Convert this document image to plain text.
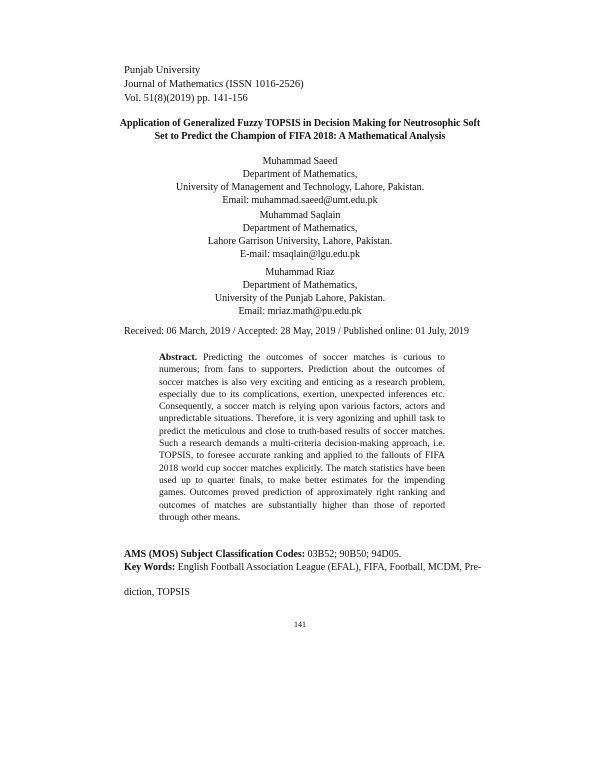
Punjab University
Journal of Mathematics (ISSN 1016-2526)
Vol. 51(8)(2019) pp. 141-156
Application of Generalized Fuzzy TOPSIS in Decision Making for Neutrosophic Soft
Set to Predict the Champion of FIFA 2018: A Mathematical Analysis
Muhammad Saeed
Department of Mathematics,
University of Management and Technology, Lahore, Pakistan.
Email: muhammad.saeed@umt.edu.pk
Muhammad Saqlain
Department of Mathematics,
Lahore Garrison University, Lahore, Pakistan.
E-mail: msaqlain@lgu.edu.pk
Muhammad Riaz
Department of Mathematics,
University of the Punjab Lahore, Pakistan.
Email: mriaz.math@pu.edu.pk
Received: 06 March, 2019 / Accepted: 28 May, 2019 / Published online: 01 July, 2019
Abstract. Predicting the outcomes of soccer matches is curious to numerous; from fans to supporters. Prediction about the outcomes of soccer matches is also very exciting and enticing as a research problem, especially due to its complications, exertion, unexpected inferences etc. Consequently, a soccer match is relying upon various factors, actors and unpredictable situations. Therefore, it is very agonizing and uphill task to predict the meticulous and close to truth-based results of soccer matches. Such a research demands a multi-criteria decision-making approach, i.e. TOPSIS, to foresee accurate ranking and applied to the fallouts of FIFA 2018 world cup soccer matches explicitly. The match statistics have been used up to quarter finals, to make better estimates for the impending games. Outcomes proved prediction of approximately right ranking and outcomes of matches are substantially higher than those of reported through other means.
AMS (MOS) Subject Classification Codes: 03B52; 90B50; 94D05.
Key Words: English Football Association League (EFAL), FIFA, Football, MCDM, Pre-
diction, TOPSIS
141
